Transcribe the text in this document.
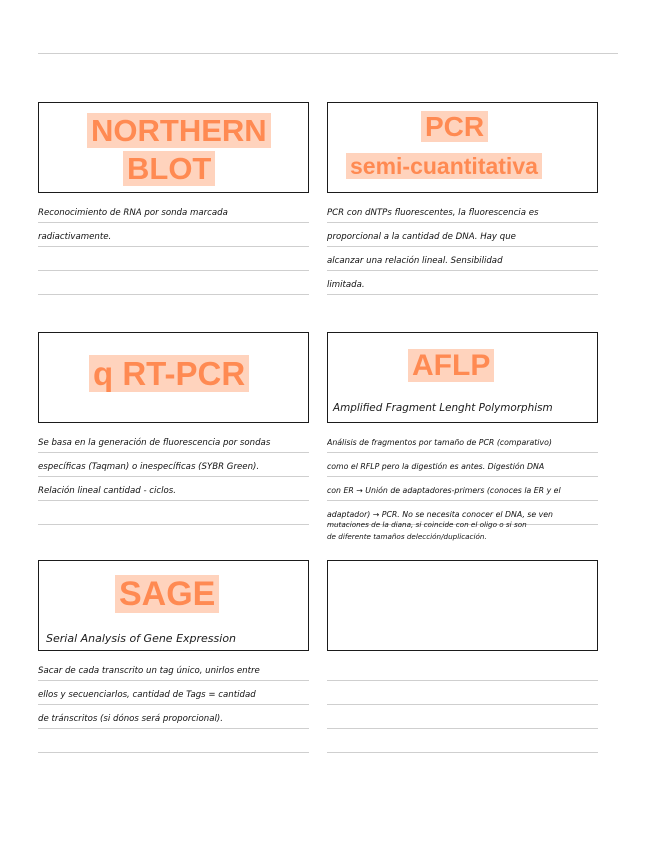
NORTHERN
BLOT
Reconocimiento de RNA por sonda marcada
radiactivamente.
PCR
semi-cuantitativa
PCR con dNTPs fluorescentes, la fluorescencia es
proporcional a la cantidad de DNA. Hay que
alcanzar una relación lineal. Sensibilidad
limitada.
q RT-PCR
Se basa en la generación de fluorescencia por sondas
específicas (Taqman) o inespecíficas (SYBR Green).
Relación lineal cantidad - ciclos.
AFLP
Amplified Fragment Lenght Polymorphism
Análisis de fragmentos por tamaño de PCR (comparativo)
como el RFLP pero la digestión es antes. Digestión DNA
con ER → Unión de adaptadores-primers (conoces la ER y el
adaptador) → PCR. No se necesita conocer el DNA, se ven
mutaciones de la diana, si coincide con el oligo o si son
de diferente tamaños delección/duplicación.
SAGE
Serial Analysis of Gene Expression
Sacar de cada transcrito un tag único, unirlos entre
ellos y secuenciarlos, cantidad de Tags = cantidad
de tránscritos (si dónos será proporcional).
